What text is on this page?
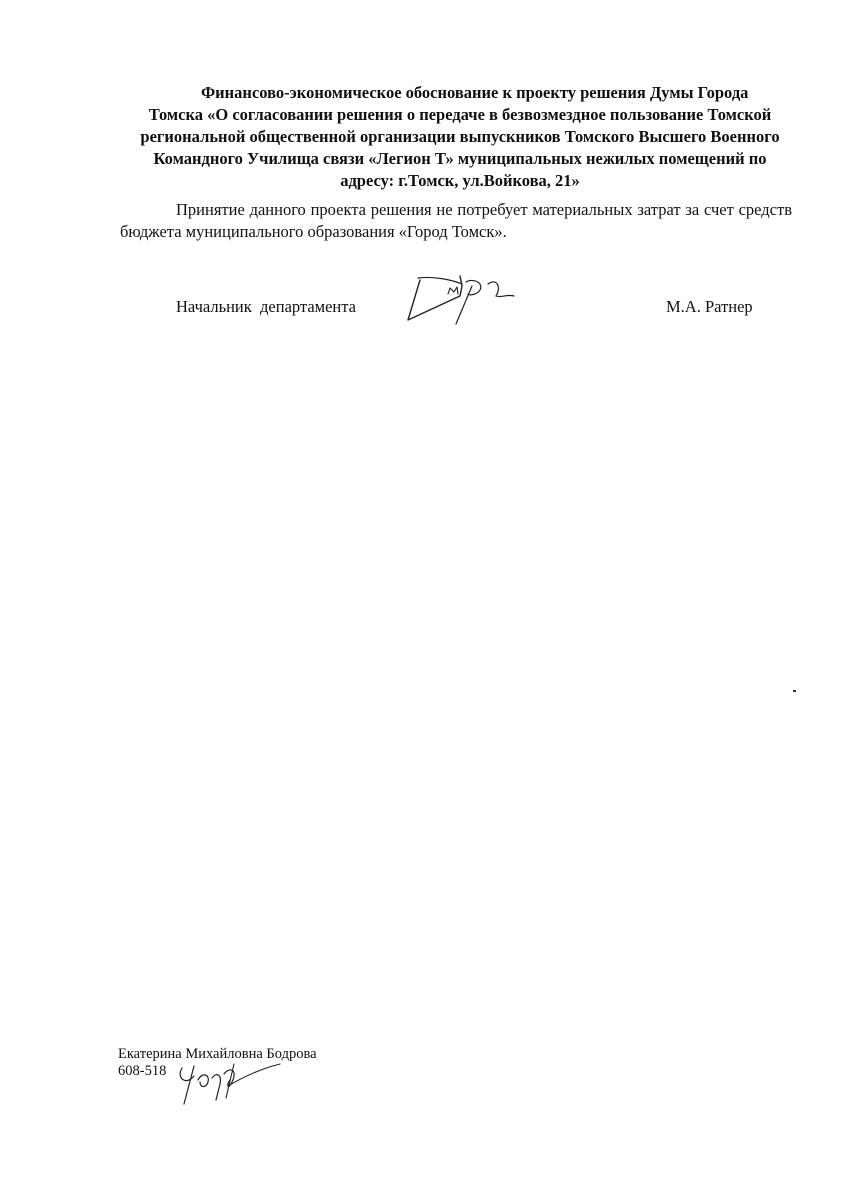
Финансово-экономическое обоснование к проекту решения Думы Города
Томска «О согласовании решения о передаче в безвозмездное пользование Томской
региональной общественной организации выпускников Томского Высшего Военного
Командного Училища связи «Легион Т» муниципальных нежилых помещений по
адресу: г.Томск, ул.Войкова, 21»
Принятие данного проекта решения не потребует материальных затрат за счет средств бюджета муниципального образования «Город Томск».
Начальник  департамента	М.А. Ратнер
Екатерина Михайловна Бодрова
608-518
